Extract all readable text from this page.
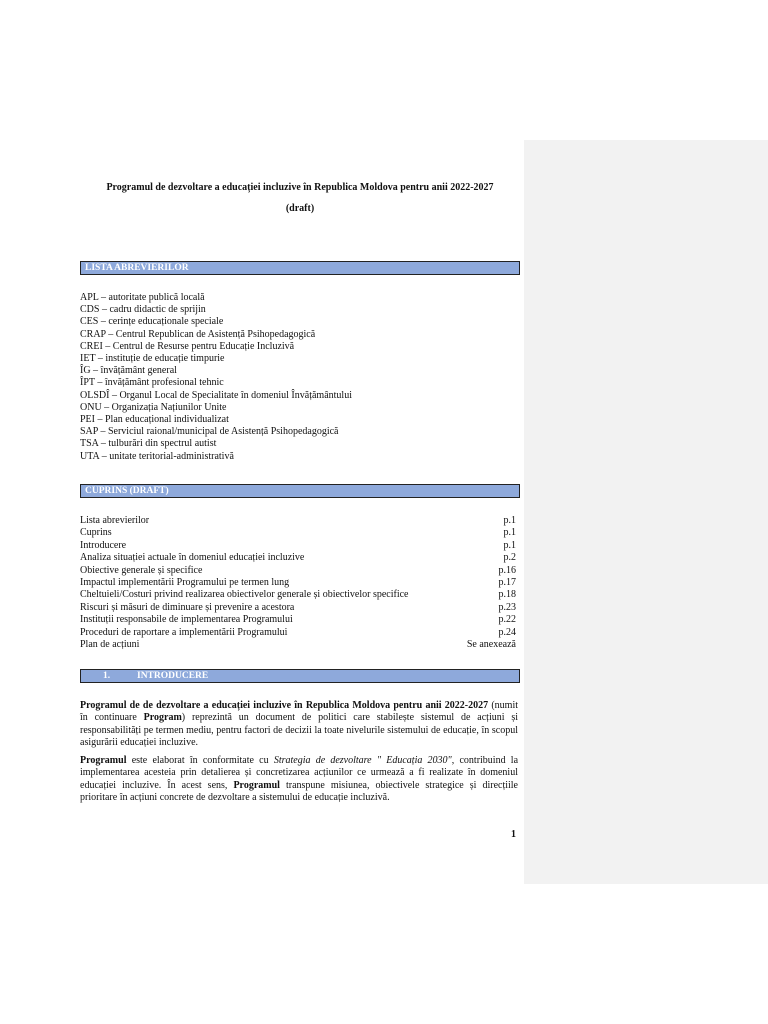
Programul de dezvoltare a educației incluzive în Republica Moldova pentru anii 2022-2027
(draft)
LISTA ABREVIERILOR
APL – autoritate publică locală
CDS – cadru didactic de sprijin
CES – cerințe educaționale speciale
CRAP – Centrul Republican de Asistență Psihopedagogică
CREI – Centrul de Resurse pentru Educație Incluzivă
IET – instituție de educație timpurie
ÎG – învățământ general
ÎPT – învățământ profesional tehnic
OLSDÎ – Organul Local de Specialitate în domeniul Învățământului
ONU – Organizația Națiunilor Unite
PEI – Plan educațional individualizat
SAP – Serviciul raional/municipal de Asistență Psihopedagogică
TSA – tulburări din spectrul autist
UTA – unitate teritorial-administrativă
CUPRINS (DRAFT)
Lista abrevierilor	p.1
Cuprins	p.1
Introducere	p.1
Analiza situației actuale în domeniul educației incluzive	p.2
Obiective generale și specifice	p.16
Impactul implementării Programului pe termen lung	p.17
Cheltuieli/Costuri privind realizarea obiectivelor generale și obiectivelor specifice	p.18
Riscuri și măsuri de diminuare și prevenire a acestora	p.23
Instituții responsabile de implementarea Programului	p.22
Proceduri de raportare a implementării Programului	p.24
Plan de acțiuni	Se anexează
1.	INTRODUCERE
Programul de de dezvoltare a educației incluzive în Republica Moldova pentru anii 2022-2027 (numit în continuare Program) reprezintă un document de politici care stabilește sistemul de acțiuni și responsabilități pe termen mediu, pentru factori de decizii la toate nivelurile sistemului de educație, în scopul asigurării educației incluzive.
Programul este elaborat în conformitate cu Strategia de dezvoltare " Educația 2030", contribuind la implementarea acesteia prin detalierea și concretizarea acțiunilor ce urmează a fi realizate în domeniul educației incluzive. În acest sens, Programul transpune misiunea, obiectivele strategice și direcțiile prioritare în acțiuni concrete de dezvoltare a sistemului de educație incluzivă.
1
